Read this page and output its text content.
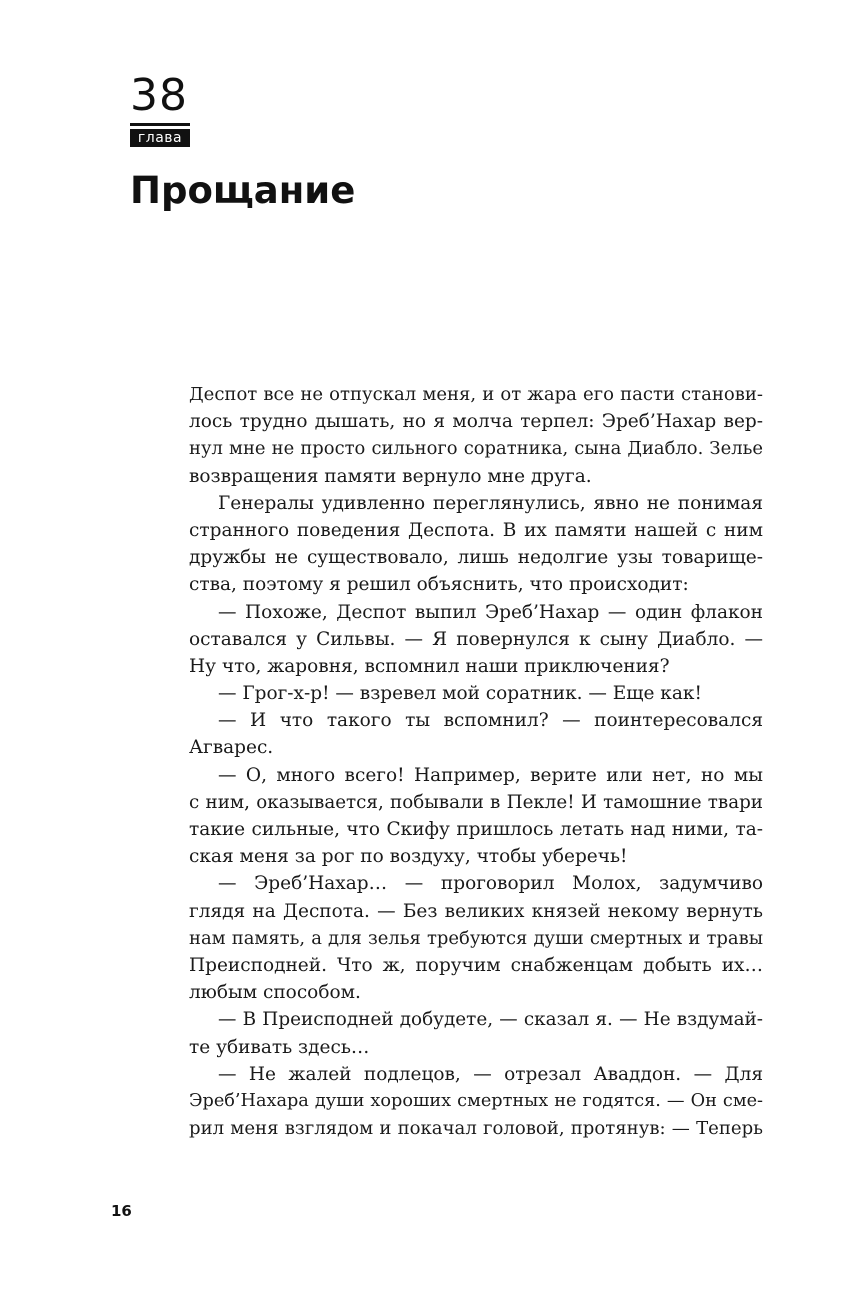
38
глава
Прощание
Деспот все не отпускал меня, и от жара его пасти станови-
лось трудно дышать, но я молча терпел: Эреб’Нахар вер-
нул мне не просто сильного соратника, сына Диабло. Зелье
возвращения памяти вернуло мне друга.
Генералы удивленно переглянулись, явно не понимая
странного поведения Деспота. В их памяти нашей с ним
дружбы не существовало, лишь недолгие узы товарище-
ства, поэтому я решил объяснить, что происходит:
— Похоже, Деспот выпил Эреб’Нахар — один флакон
оставался у Сильвы. — Я повернулся к сыну Диабло. —
Ну что, жаровня, вспомнил наши приключения?
— Грог-х-р! — взревел мой соратник. — Еще как!
— И что такого ты вспомнил? — поинтересовался
Агварес.
— О, много всего! Например, верите или нет, но мы
с ним, оказывается, побывали в Пекле! И тамошние твари
такие сильные, что Скифу пришлось летать над ними, та-
ская меня за рог по воздуху, чтобы уберечь!
— Эреб’Нахар… — проговорил Молох, задумчиво
глядя на Деспота. — Без великих князей некому вернуть
нам память, а для зелья требуются души смертных и травы
Преисподней. Что ж, поручим снабженцам добыть их…
любым способом.
— В Преисподней добудете, — сказал я. — Не вздумай-
те убивать здесь…
— Не жалей подлецов, — отрезал Аваддон. — Для
Эреб’Нахара души хороших смертных не годятся. — Он сме-
рил меня взглядом и покачал головой, протянув: — Теперь
16
